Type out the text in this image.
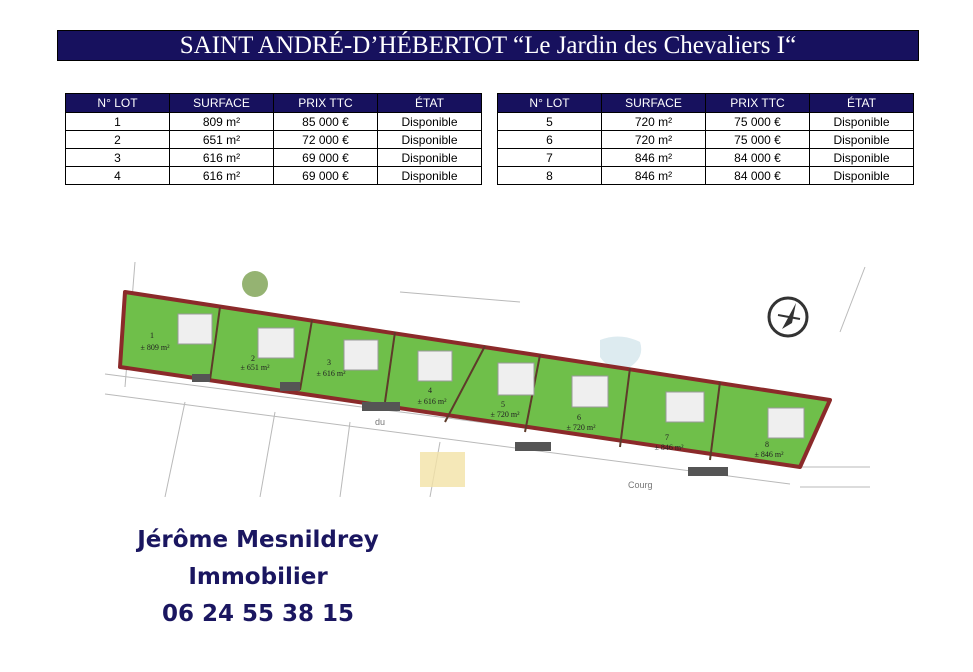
SAINT ANDRÉ-D’HÉBERTOT “Le Jardin des Chevaliers I“
N° LOT	SURFACE	PRIX TTC	ÉTAT
1	809 m²	85 000 €	Disponible
2	651 m²	72 000 €	Disponible
3	616 m²	69 000 €	Disponible
4	616 m²	69 000 €	Disponible
N° LOT	SURFACE	PRIX TTC	ÉTAT
5	720 m²	75 000 €	Disponible
6	720 m²	75 000 €	Disponible
7	846 m²	84 000 €	Disponible
8	846 m²	84 000 €	Disponible
1
± 809 m²
2
± 651 m²
3
± 616 m²
4
± 616 m²	5
± 720 m²	6
± 720 m²
7
± 846 m²	8
± 846 m²
du
Courg
Jérôme Mesnildrey
Immobilier
06 24 55 38 15
